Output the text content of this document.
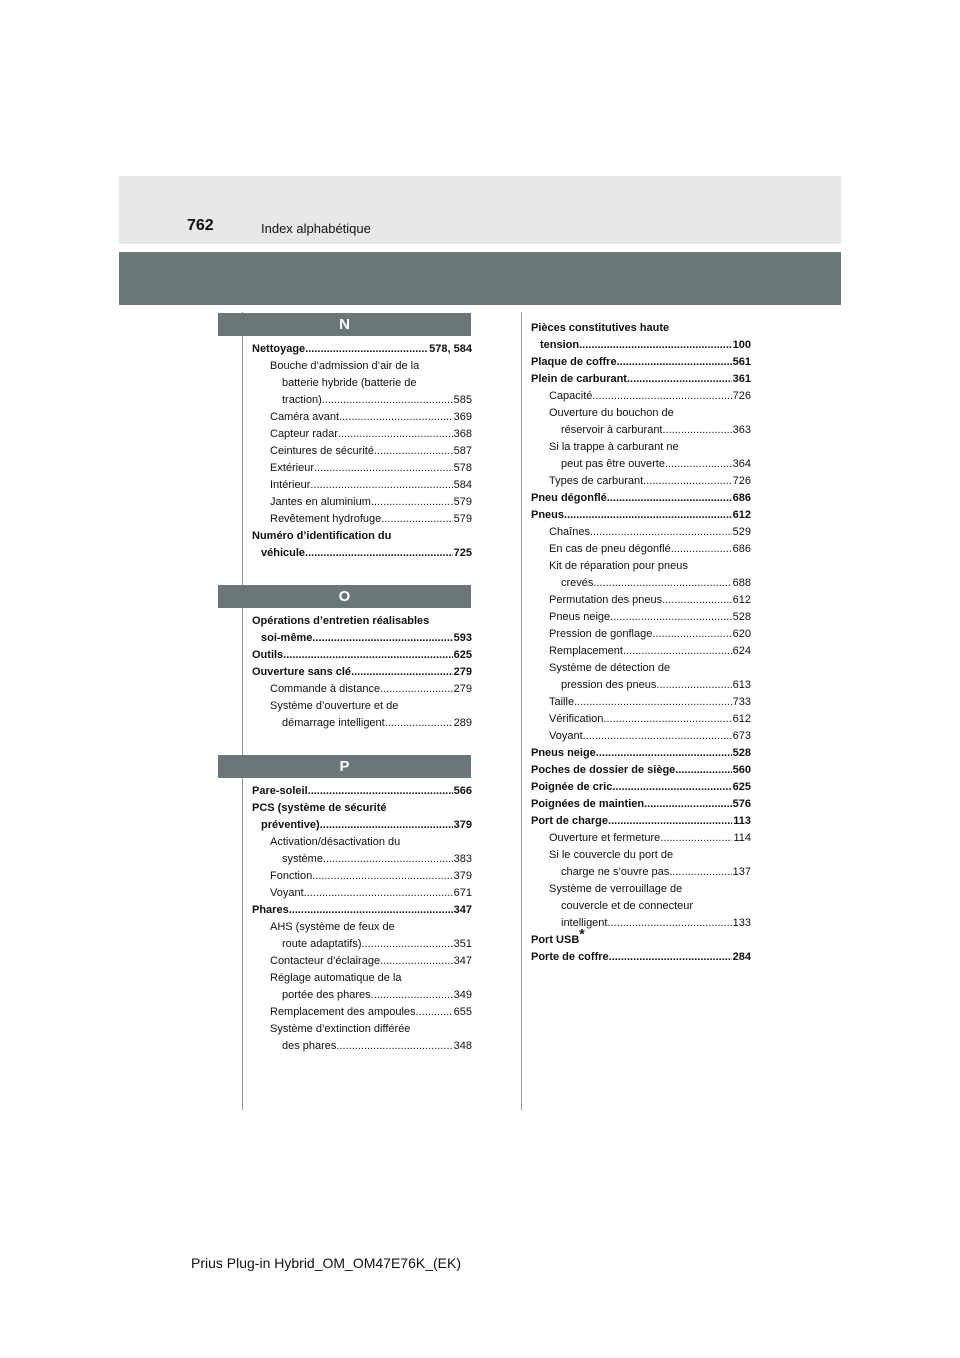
762	Index alphabétique
N
Nettoyage .....	578, 584
Bouche d’admission d’air de la
batterie hybride (batterie de
traction) .....	585
Caméra avant .....	369
Capteur radar .....	368
Ceintures de sécurité .....	587
Extérieur .....	578
Intérieur .....	584
Jantes en aluminium .....	579
Revêtement hydrofuge .....	579
Numéro d’identification du
véhicule .....	725
O
Opérations d’entretien réalisables
soi-même .....	593
Outils .....	625
Ouverture sans clé .....	279
Commande à distance .....	279
Système d’ouverture et de
démarrage intelligent .....	289
P
Pare-soleil .....	566
PCS (système de sécurité
préventive) .....	379
Activation/désactivation du
système .....	383
Fonction .....	379
Voyant .....	671
Phares .....	347
AHS (système de feux de
route adaptatifs) .....	351
Contacteur d’éclairage .....	347
Réglage automatique de la
portée des phares .....	349
Remplacement des ampoules .....	655
Système d’extinction différée
des phares .....	348
Pièces constitutives haute
tension .....	100
Plaque de coffre .....	561
Plein de carburant .....	361
Capacité .....	726
Ouverture du bouchon de
réservoir à carburant .....	363
Si la trappe à carburant ne
peut pas être ouverte .....	364
Types de carburant .....	726
Pneu dégonflé .....	686
Pneus .....	612
Chaînes .....	529
En cas de pneu dégonflé .....	686
Kit de réparation pour pneus
crevés .....	688
Permutation des pneus .....	612
Pneus neige .....	528
Pression de gonflage .....	620
Remplacement .....	624
Système de détection de
pression des pneus .....	613
Taille .....	733
Vérification .....	612
Voyant .....	673
Pneus neige .....	528
Poches de dossier de siège .....	560
Poignée de cric .....	625
Poignées de maintien .....	576
Port de charge .....	113
Ouverture et fermeture .....	114
Si le couvercle du port de
charge ne s’ouvre pas .....	137
Système de verrouillage de
couvercle et de connecteur
intelligent .....	133
Port USB*
Porte de coffre .....	284
Prius Plug-in Hybrid_OM_OM47E76K_(EK)
